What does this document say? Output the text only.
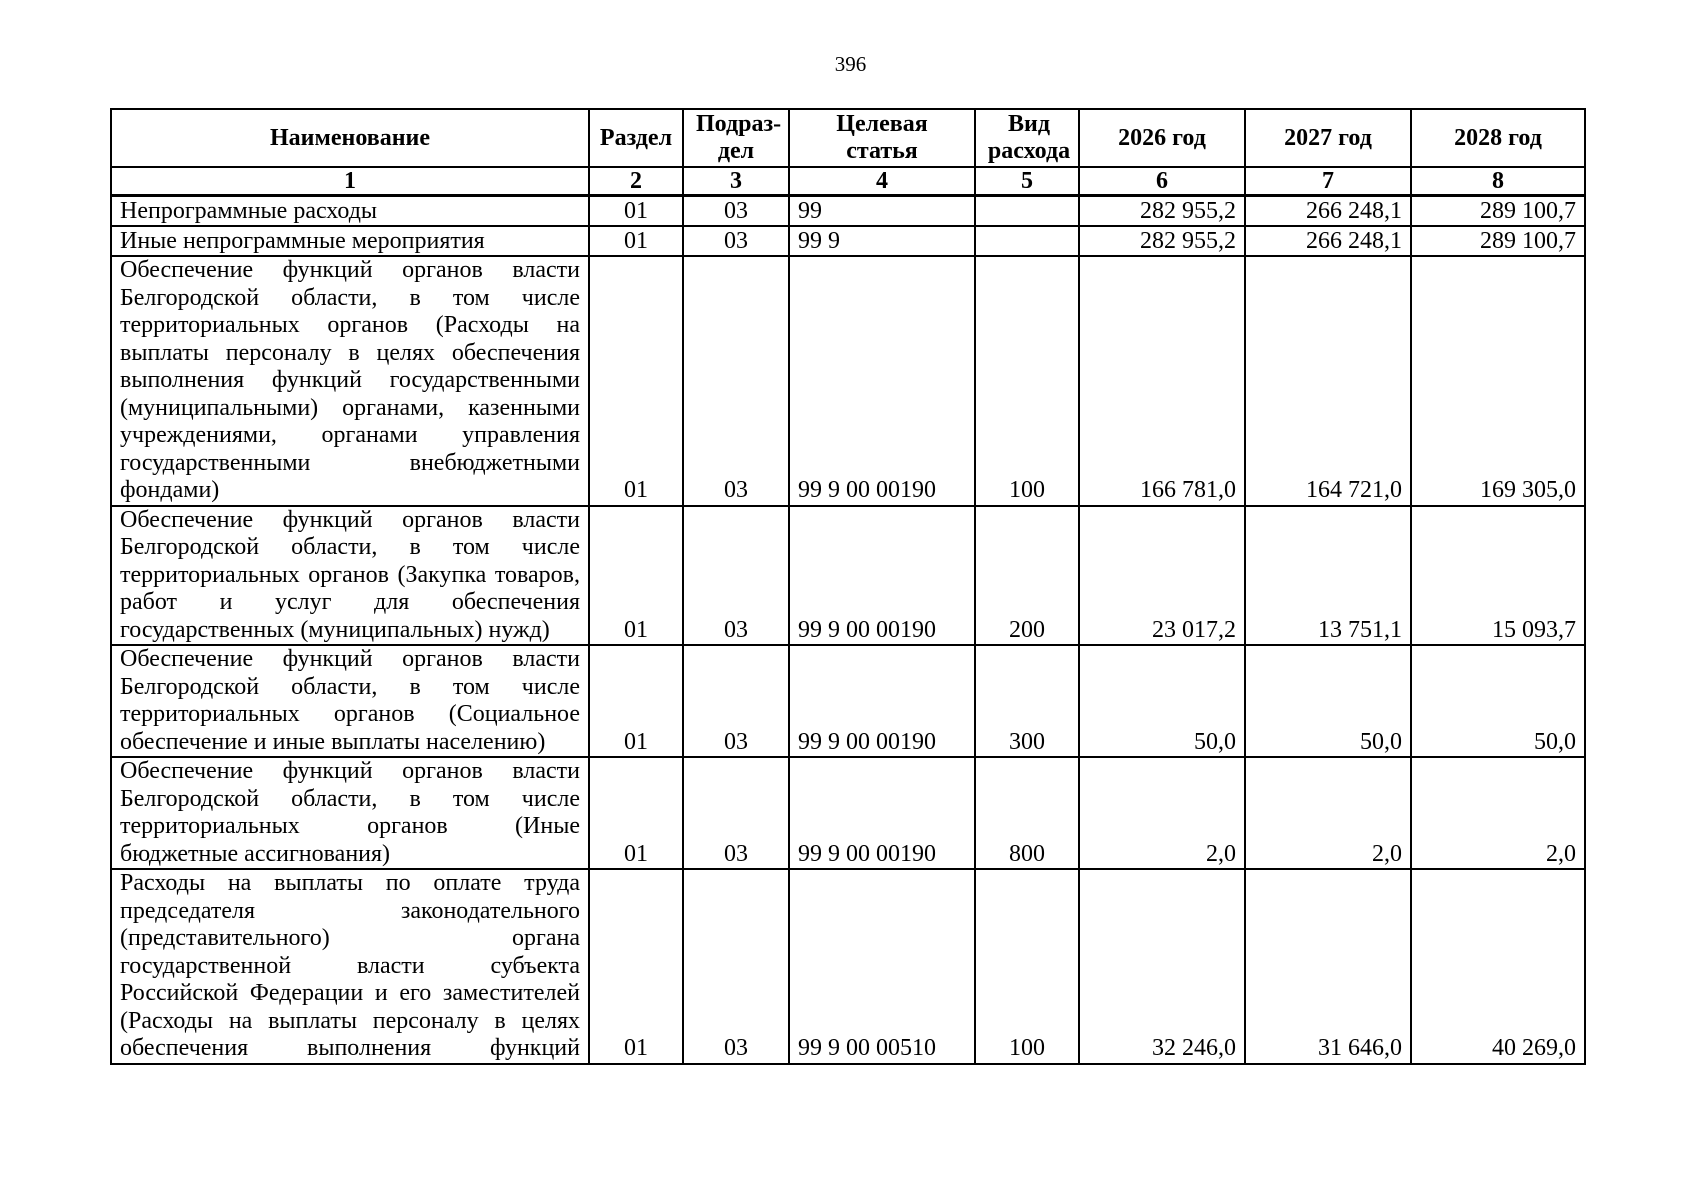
396
Наименование	Раздел	Подраз-дел	Целевая статья	Вид расхода	2026 год	2027 год	2028 год
1	2	3	4	5	6	7	8
Непрограммные расходы	01	03	99		282 955,2	266 248,1	289 100,7
Иные непрограммные мероприятия	01	03	99 9		282 955,2	266 248,1	289 100,7
Обеспечение функций органов власти Белгородской области, в том числе территориальных органов (Расходы на выплаты персоналу в целях обеспечения выполнения функций государственными (муниципальными) органами, казенными учреждениями, органами управления государственными внебюджетными фондами)	01	03	99 9 00 00190	100	166 781,0	164 721,0	169 305,0
Обеспечение функций органов власти Белгородской области, в том числе территориальных органов (Закупка товаров, работ и услуг для обеспечения государственных (муниципальных) нужд)	01	03	99 9 00 00190	200	23 017,2	13 751,1	15 093,7
Обеспечение функций органов власти Белгородской области, в том числе территориальных органов (Социальное обеспечение и иные выплаты населению)	01	03	99 9 00 00190	300	50,0	50,0	50,0
Обеспечение функций органов власти Белгородской области, в том числе территориальных органов (Иные бюджетные ассигнования)	01	03	99 9 00 00190	800	2,0	2,0	2,0
Расходы на выплаты по оплате труда председателя законодательного (представительного) органа государственной власти субъекта Российской Федерации и его заместителей (Расходы на выплаты персоналу в целях обеспечения выполнения функций	01	03	99 9 00 00510	100	32 246,0	31 646,0	40 269,0
